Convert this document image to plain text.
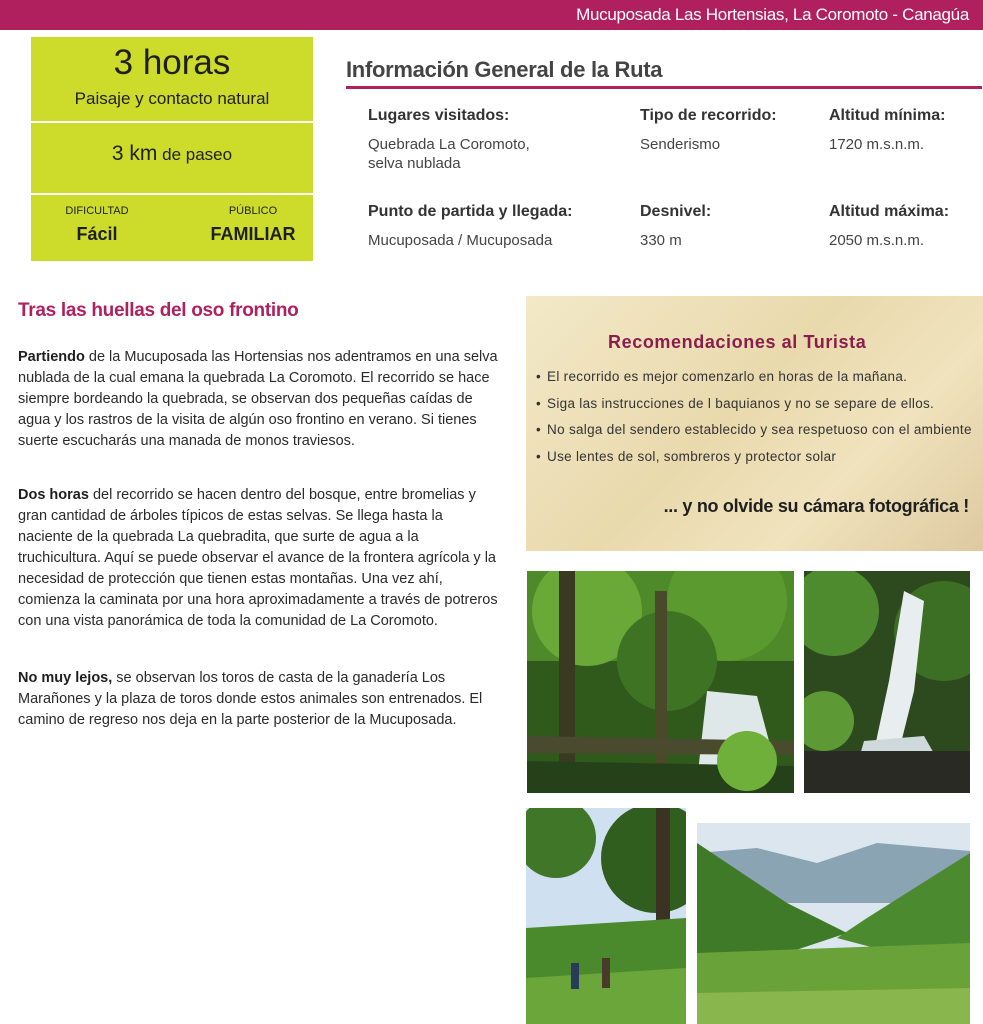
Mucuposada Las Hortensias, La Coromoto - Canagúa
3 horas
Paisaje y contacto natural
3 km de paseo
DIFICULTAD
Fácil
PÚBLICO
FAMILIAR
Información General de la Ruta
Lugares visitados:
Quebrada La Coromoto,
selva nublada
Tipo de recorrido:
Senderismo
Altitud mínima:
1720 m.s.n.m.
Punto de partida y llegada:
Mucuposada / Mucuposada
Desnivel:
330 m
Altitud máxima:
2050 m.s.n.m.
Tras las huellas del oso frontino
Partiendo de la Mucuposada las Hortensias nos adentramos en una selva nublada de la cual emana la quebrada La Coromoto. El recorrido se hace siempre bordeando la quebrada, se observan dos pequeñas caídas de agua y los rastros de la visita de algún oso frontino en verano. Si tienes suerte escucharás una manada de monos traviesos.
Dos horas del recorrido se hacen dentro del bosque, entre bromelias y gran cantidad de árboles típicos de estas selvas. Se llega hasta la naciente de la quebrada La quebradita, que surte de agua a la truchicultura. Aquí se puede observar el avance de la frontera agrícola y la necesidad de protección que tienen estas montañas. Una vez ahí, comienza la caminata por una hora aproximadamente a través de potreros con una vista panorámica de toda la comunidad de La Coromoto.
No muy lejos, se observan los toros de casta de la ganadería Los Marañones y la plaza de toros donde estos animales son entrenados. El camino de regreso nos deja en la parte posterior de la Mucuposada.
Recomendaciones al Turista
• El recorrido es mejor comenzarlo en horas de la mañana.
• Siga las instrucciones de l baquianos y no se separe de ellos.
• No salga del sendero establecido y sea respetuoso con el ambiente
• Use lentes de sol, sombreros y protector solar
... y no olvide su cámara fotográfica !
